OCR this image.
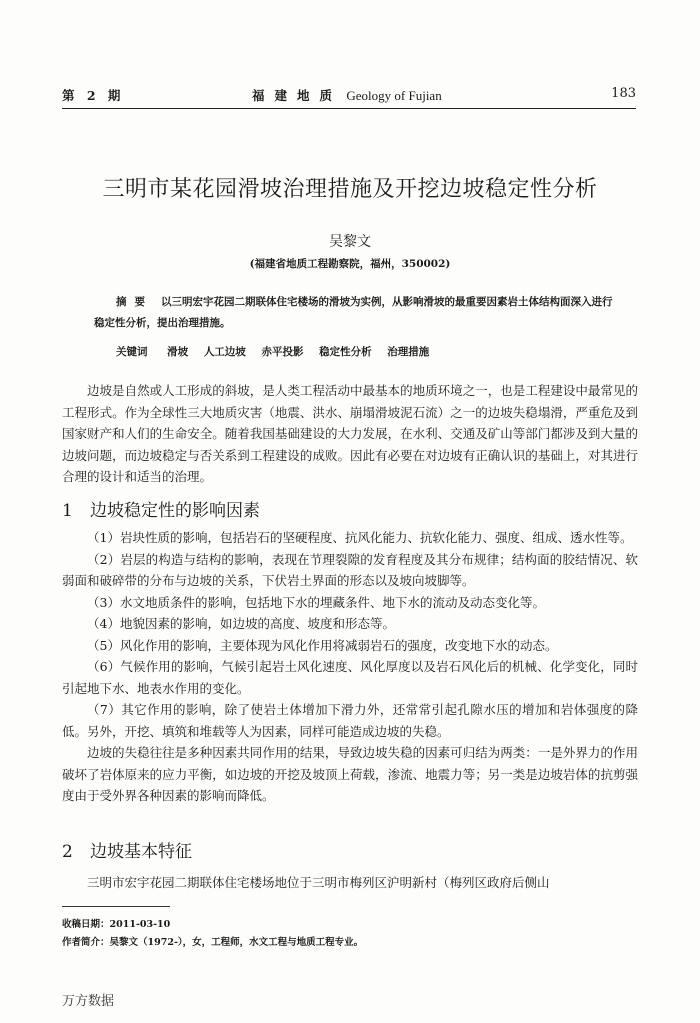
第 2 期	福建地质 Geology of Fujian	183
三明市某花园滑坡治理措施及开挖边坡稳定性分析
吴黎文
(福建省地质工程勘察院，福州，350002)
摘要 以三明宏宇花园二期联体住宅楼场的滑坡为实例，从影响滑坡的最重要因素岩土体结构面深入进行稳定性分析，提出治理措施。
关键词 滑坡 人工边坡 赤平投影 稳定性分析 治理措施

边坡是自然或人工形成的斜坡，是人类工程活动中最基本的地质环境之一，也是工程建设中最常见的工程形式。作为全球性三大地质灾害（地震、洪水、崩塌滑坡泥石流）之一的边坡失稳塌滑，严重危及到国家财产和人们的生命安全。随着我国基础建设的大力发展，在水利、交通及矿山等部门都涉及到大量的边坡问题，而边坡稳定与否关系到工程建设的成败。因此有必要在对边坡有正确认识的基础上，对其进行合理的设计和适当的治理。

1 边坡稳定性的影响因素

（1）岩块性质的影响，包括岩石的坚硬程度、抗风化能力、抗软化能力、强度、组成、透水性等。

（2）岩层的构造与结构的影响，表现在节理裂隙的发育程度及其分布规律；结构面的胶结情况、软弱面和破碎带的分布与边坡的关系，下伏岩土界面的形态以及坡向坡脚等。

（3）水文地质条件的影响，包括地下水的埋藏条件、地下水的流动及动态变化等。

（4）地貌因素的影响，如边坡的高度、坡度和形态等。

（5）风化作用的影响，主要体现为风化作用将减弱岩石的强度，改变地下水的动态。

（6）气候作用的影响，气候引起岩土风化速度、风化厚度以及岩石风化后的机械、化学变化，同时引起地下水、地表水作用的变化。

（7）其它作用的影响，除了使岩土体增加下滑力外，还常常引起孔隙水压的增加和岩体强度的降低。另外，开挖、填筑和堆载等人为因素，同样可能造成边坡的失稳。

边坡的失稳往往是多种因素共同作用的结果，导致边坡失稳的因素可归结为两类：一是外界力的作用破坏了岩体原来的应力平衡，如边坡的开挖及坡顶上荷载，渗流、地震力等；另一类是边坡岩体的抗剪强度由于受外界各种因素的影响而降低。

2 边坡基本特征

三明市宏宇花园二期联体住宅楼场地位于三明市梅列区沪明新村（梅列区政府后侧山

收稿日期：2011-03-10
作者简介：吴黎文（1972-），女，工程师，水文工程与地质工程专业。
万方数据
